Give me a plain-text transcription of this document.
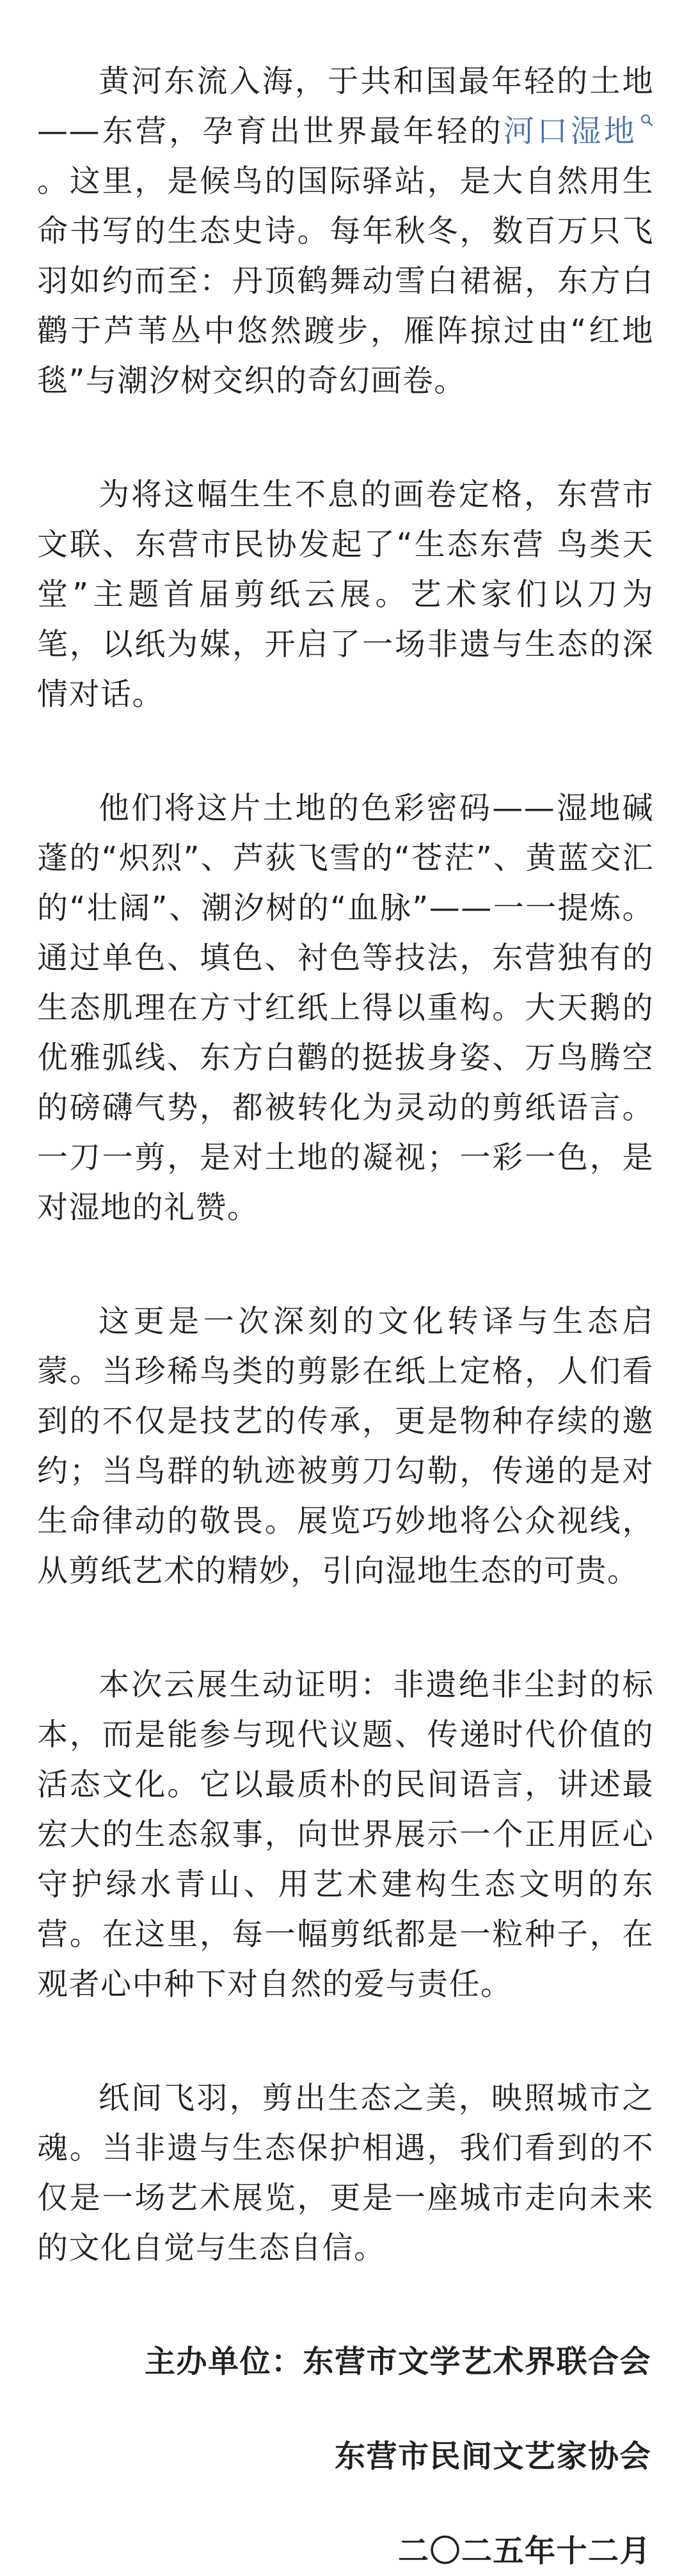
黄河东流入海，于共和国最年轻的土地——东营，孕育出世界最年轻的河口湿地
。这里，是候鸟的国际驿站，是大自然用生命书写的生态史诗。每年秋冬，数百万只飞羽如约而至：丹顶鹤舞动雪白裙裾，东方白鹳于芦苇丛中悠然踱步，雁阵掠过由“红地毯”与潮汐树交织的奇幻画卷。

为将这幅生生不息的画卷定格，东营市文联、东营市民协发起了“生态东营 鸟类天堂”主题首届剪纸云展。艺术家们以刀为笔，以纸为媒，开启了一场非遗与生态的深情对话。

他们将这片土地的色彩密码——湿地碱蓬的“炽烈”、芦荻飞雪的“苍茫”、黄蓝交汇的“壮阔”、潮汐树的“血脉”——一一提炼。通过单色、填色、衬色等技法，东营独有的生态肌理在方寸红纸上得以重构。大天鹅的优雅弧线、东方白鹳的挺拔身姿、万鸟腾空的磅礴气势，都被转化为灵动的剪纸语言。一刀一剪，是对土地的凝视；一彩一色，是对湿地的礼赞。

这更是一次深刻的文化转译与生态启蒙。当珍稀鸟类的剪影在纸上定格，人们看到的不仅是技艺的传承，更是物种存续的邀约；当鸟群的轨迹被剪刀勾勒，传递的是对生命律动的敬畏。展览巧妙地将公众视线，从剪纸艺术的精妙，引向湿地生态的可贵。

本次云展生动证明：非遗绝非尘封的标本，而是能参与现代议题、传递时代价值的活态文化。它以最质朴的民间语言，讲述最宏大的生态叙事，向世界展示一个正用匠心守护绿水青山、用艺术建构生态文明的东营。在这里，每一幅剪纸都是一粒种子，在观者心中种下对自然的爱与责任。

纸间飞羽，剪出生态之美，映照城市之魂。当非遗与生态保护相遇，我们看到的不仅是一场艺术展览，更是一座城市走向未来的文化自觉与生态自信。

主办单位：东营市文学艺术界联合会
东营市民间文艺家协会
二〇二五年十二月
